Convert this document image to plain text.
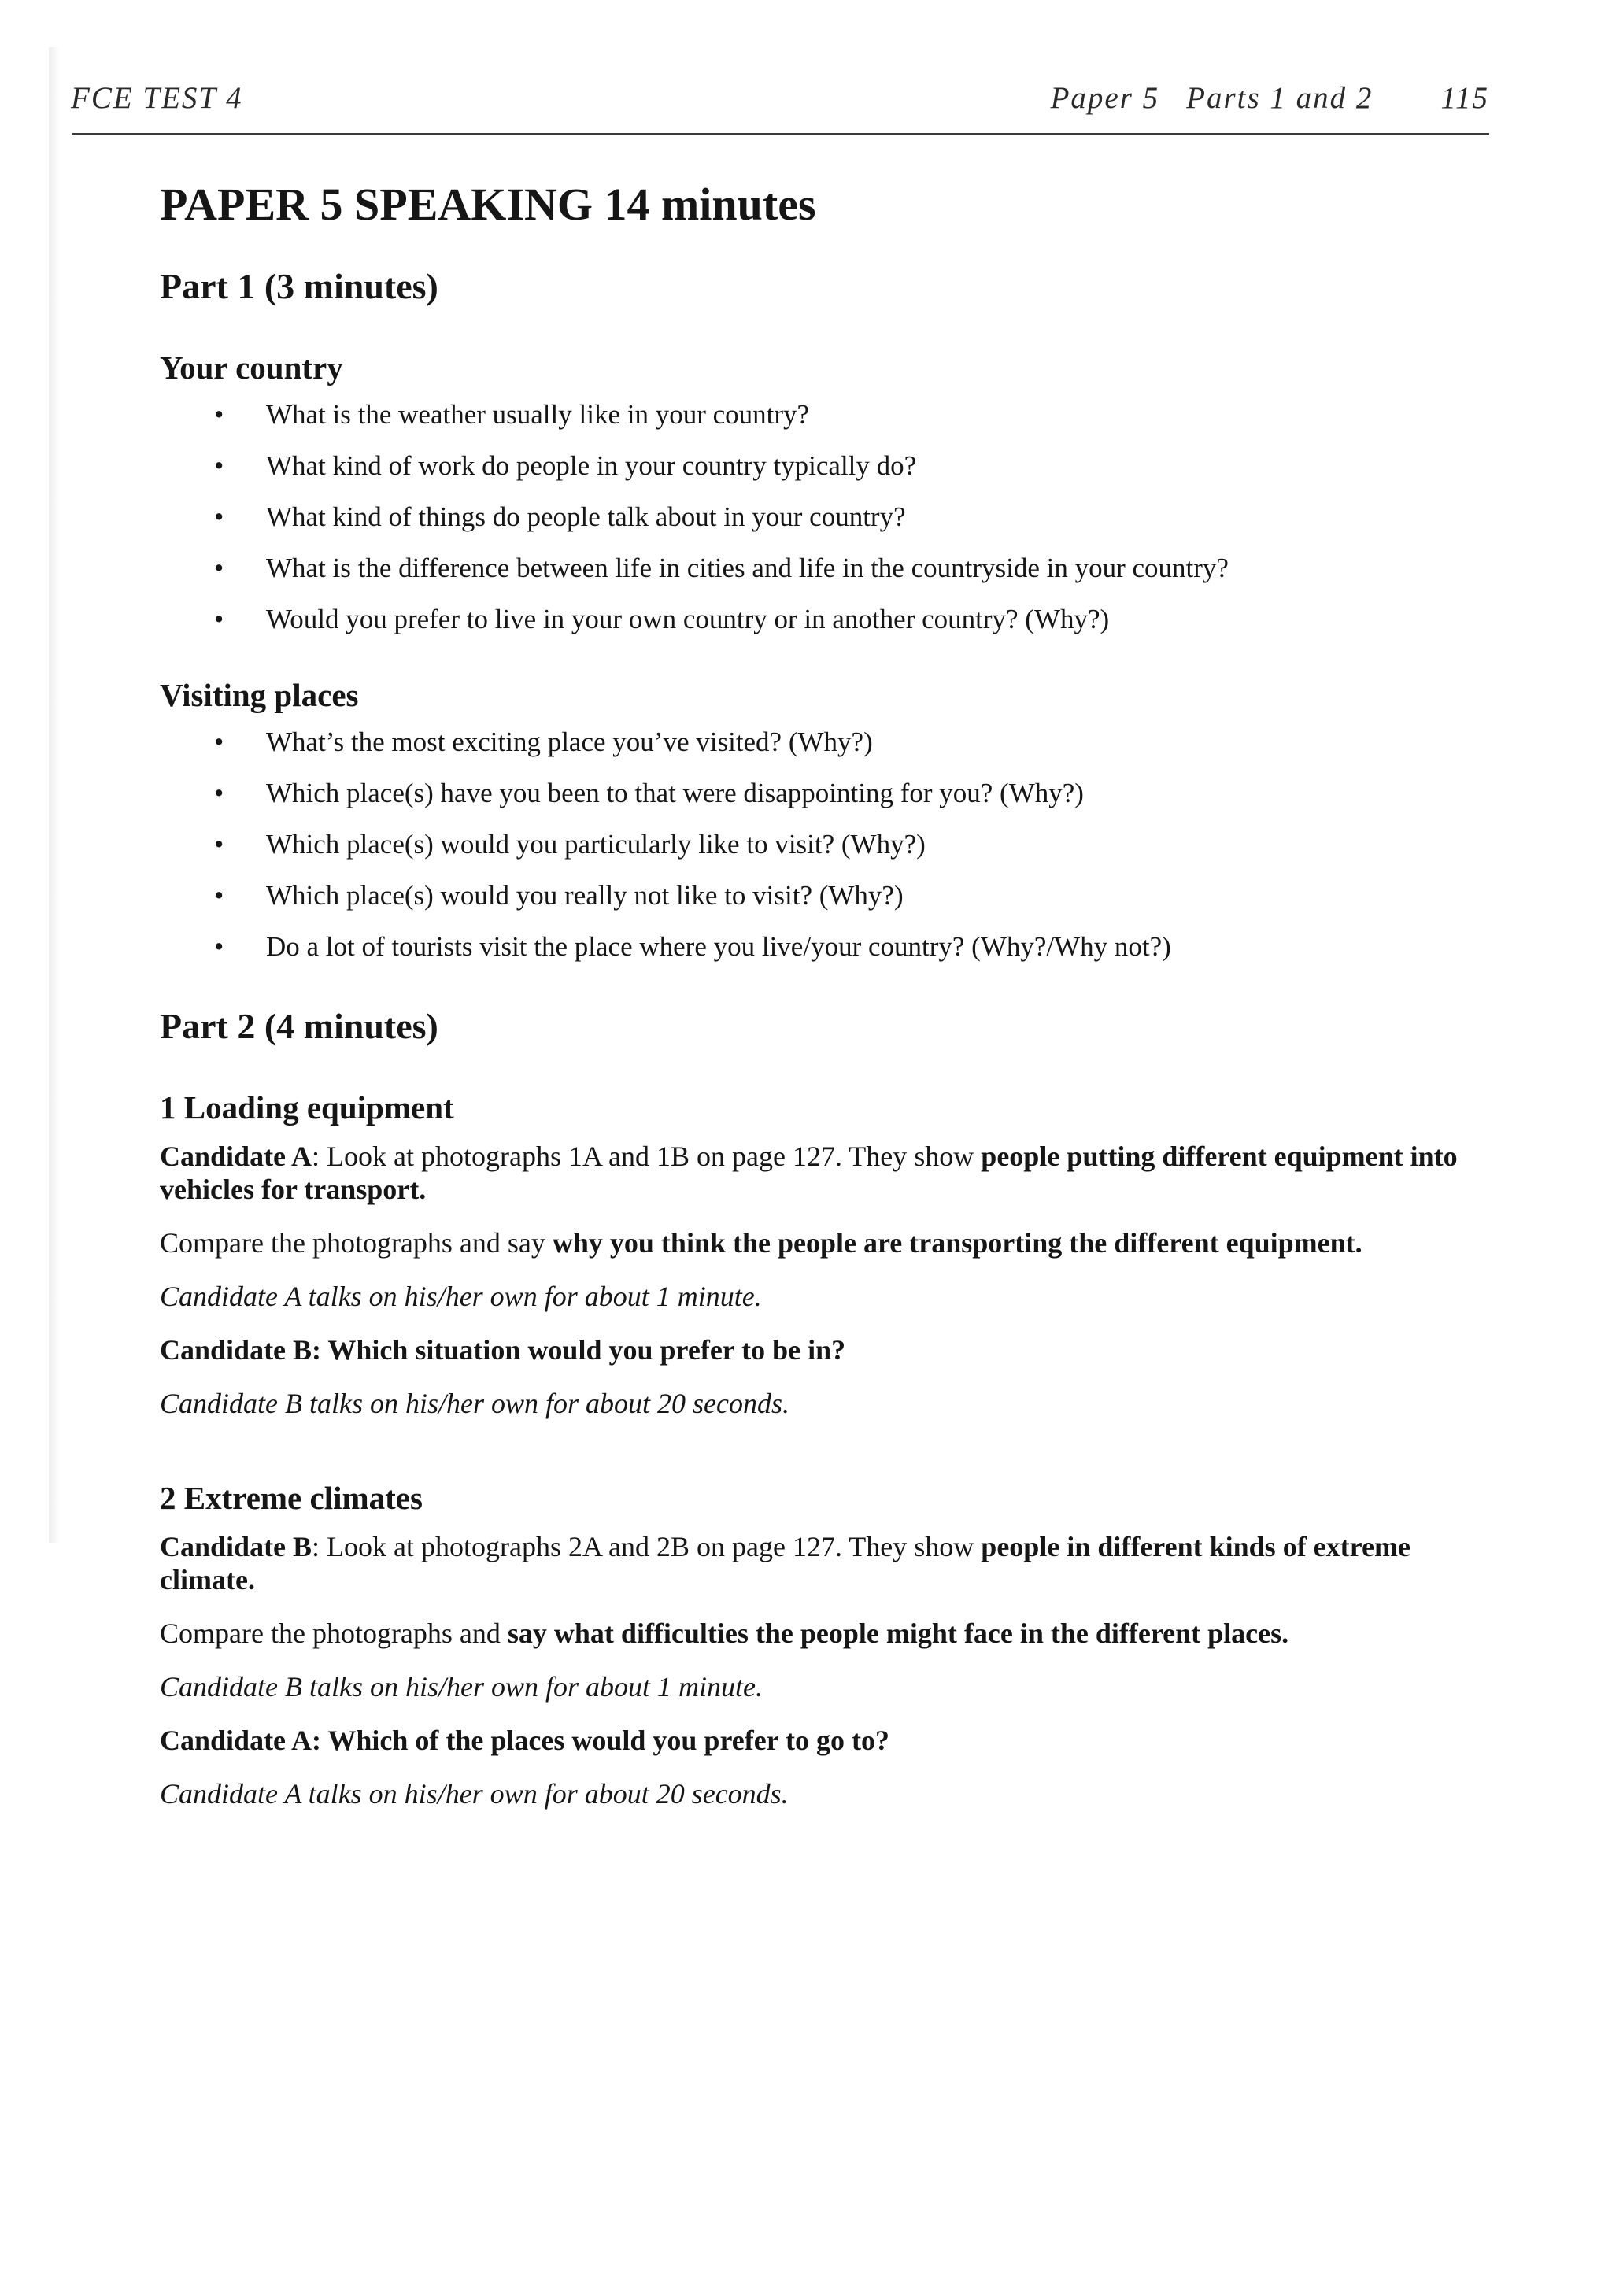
FCE TEST 4	Paper 5 Parts 1 and 2 115
PAPER 5 SPEAKING 14 minutes
Part 1 (3 minutes)
Your country
• What is the weather usually like in your country?
• What kind of work do people in your country typically do?
• What kind of things do people talk about in your country?
• What is the difference between life in cities and life in the countryside in your country?
• Would you prefer to live in your own country or in another country? (Why?)
Visiting places
• What’s the most exciting place you’ve visited? (Why?)
• Which place(s) have you been to that were disappointing for you? (Why?)
• Which place(s) would you particularly like to visit? (Why?)
• Which place(s) would you really not like to visit? (Why?)
• Do a lot of tourists visit the place where you live/your country? (Why?/Why not?)
Part 2 (4 minutes)
1 Loading equipment

Candidate A: Look at photographs 1A and 1B on page 127. They show people putting different equipment into vehicles for transport.

Compare the photographs and say why you think the people are transporting the different equipment.

Candidate A talks on his/her own for about 1 minute.

Candidate B: Which situation would you prefer to be in?

Candidate B talks on his/her own for about 20 seconds.

2 Extreme climates

Candidate B: Look at photographs 2A and 2B on page 127. They show people in different kinds of extreme climate.

Compare the photographs and say what difficulties the people might face in the different places.

Candidate B talks on his/her own for about 1 minute.

Candidate A: Which of the places would you prefer to go to?

Candidate A talks on his/her own for about 20 seconds.
